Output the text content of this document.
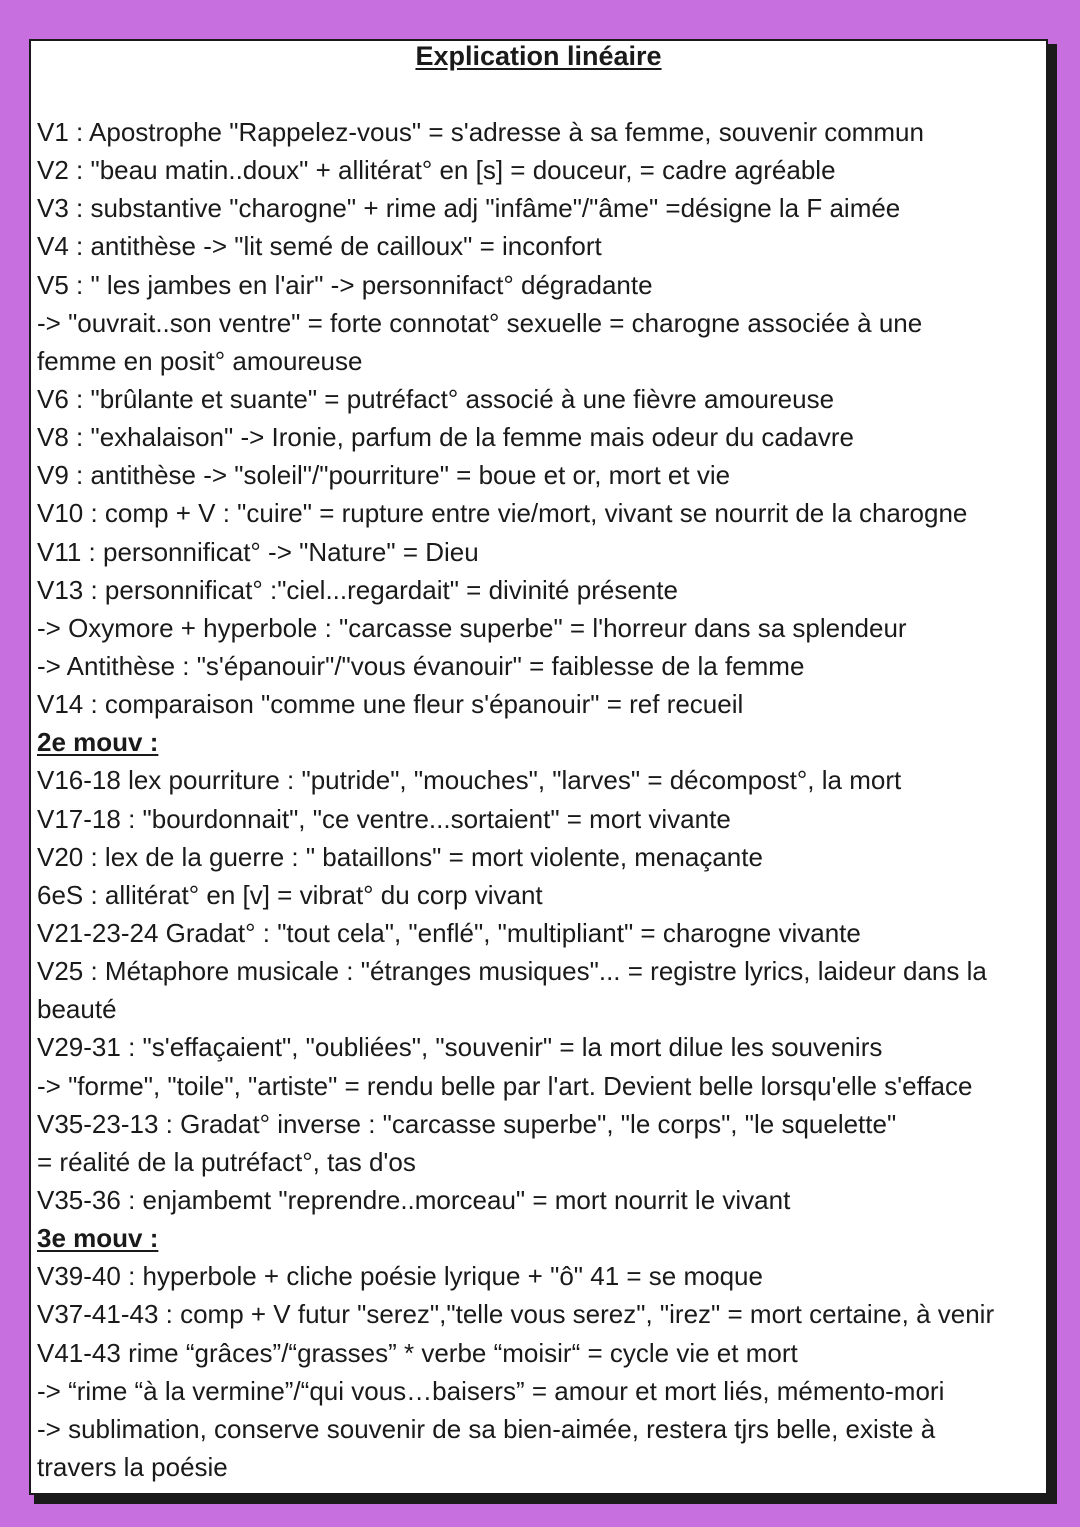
Explication linéaire
V1 : Apostrophe "Rappelez-vous" = s'adresse à sa femme, souvenir commun
V2 : "beau matin..doux" + allitérat° en [s] = douceur, = cadre agréable
V3 : substantive "charogne" + rime adj "infâme"/"âme" =désigne la F aimée
V4 : antithèse -> "lit semé de cailloux" = inconfort
V5 : " les jambes en l'air" -> personnifact° dégradante
-> "ouvrait..son ventre" = forte connotat° sexuelle = charogne associée à une
femme en posit° amoureuse
V6 : "brûlante et suante" = putréfact° associé à une fièvre amoureuse
V8 : "exhalaison" -> Ironie, parfum de la femme mais odeur du cadavre
V9 : antithèse -> "soleil"/"pourriture" = boue et or, mort et vie
V10 : comp + V : "cuire" = rupture entre vie/mort, vivant se nourrit de la charogne
V11 : personnificat° -> "Nature" = Dieu
V13 : personnificat° :"ciel...regardait" = divinité présente
-> Oxymore + hyperbole : "carcasse superbe" = l'horreur dans sa splendeur
-> Antithèse : "s'épanouir"/"vous évanouir" = faiblesse de la femme
V14 : comparaison "comme une fleur s'épanouir" = ref recueil
2e mouv :
V16-18 lex pourriture : "putride", "mouches", "larves" = décompost°, la mort
V17-18 : "bourdonnait", "ce ventre...sortaient" = mort vivante
V20 : lex de la guerre : " bataillons" = mort violente, menaçante
6eS : allitérat° en [v] = vibrat° du corp vivant
V21-23-24 Gradat° : "tout cela", "enflé", "multipliant" = charogne vivante
V25 : Métaphore musicale : "étranges musiques"... = registre lyrics, laideur dans la
beauté
V29-31 : "s'effaçaient", "oubliées", "souvenir" = la mort dilue les souvenirs
-> "forme", "toile", "artiste" = rendu belle par l'art. Devient belle lorsqu'elle s'efface
V35-23-13 : Gradat° inverse : "carcasse superbe", "le corps", "le squelette"
= réalité de la putréfact°, tas d'os
V35-36 : enjambemt "reprendre..morceau" = mort nourrit le vivant
3e mouv :
V39-40 : hyperbole + cliche poésie lyrique + "ô" 41 = se moque
V37-41-43 : comp + V futur "serez","telle vous serez", "irez" = mort certaine, à venir
V41-43 rime “grâces”/“grasses” * verbe “moisir“ = cycle vie et mort
-> “rime “à la vermine”/“qui vous…baisers” = amour et mort liés, mémento-mori
-> sublimation, conserve souvenir de sa bien-aimée, restera tjrs belle, existe à
travers la poésie
